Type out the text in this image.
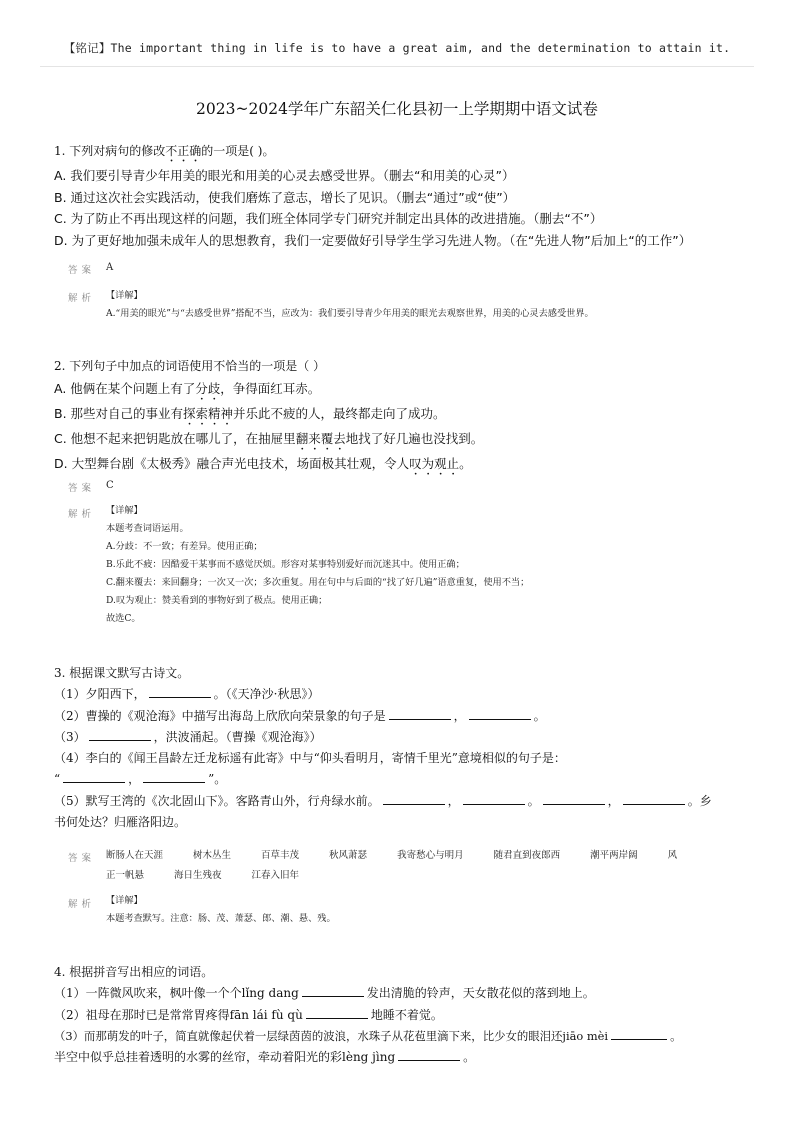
【铭记】The important thing in life is to have a great aim, and the determination to attain it.
2023~2024学年广东韶关仁化县初一上学期期中语文试卷
1. 下列对病句的修改不正确的一项是( )。
A. 我们要引导青少年用美的眼光和用美的心灵去感受世界。（删去“和用美的心灵”）
B. 通过这次社会实践活动，使我们磨炼了意志，增长了见识。（删去“通过”或“使”）
C. 为了防止不再出现这样的问题，我们班全体同学专门研究并制定出具体的改进措施。（删去“不”）
D. 为了更好地加强未成年人的思想教育，我们一定要做好引导学生学习先进人物。（在“先进人物”后加上“的工作”）
答案 A
解析 【详解】
A.“用美的眼光”与“去感受世界”搭配不当，应改为：我们要引导青少年用美的眼光去观察世界，用美的心灵去感受世界。
2. 下列句子中加点的词语使用不恰当的一项是（ ）
A. 他俩在某个问题上有了分歧，争得面红耳赤。
B. 那些对自己的事业有探索精神并乐此不疲的人，最终都走向了成功。
C. 他想不起来把钥匙放在哪儿了，在抽屉里翻来覆去地找了好几遍也没找到。
D. 大型舞台剧《太极秀》融合声光电技术，场面极其壮观，令人叹为观止。
答案 C
解析 【详解】
本题考查词语运用。
A.分歧：不一致；有差异。使用正确；
B.乐此不疲：因酷爱干某事而不感觉厌烦。形容对某事特别爱好而沉迷其中。使用正确；
C.翻来覆去：来回翻身；一次又一次；多次重复。用在句中与后面的“找了好几遍”语意重复，使用不当；
D.叹为观止：赞美看到的事物好到了极点。使用正确；
故选C。
3. 根据课文默写古诗文。
（1）夕阳西下，	。（《天净沙·秋思》）
（2）曹操的《观沧海》中描写出海岛上欣欣向荣景象的句子是	，	。
（3）	，洪波涌起。（曹操《观沧海》）
（4）李白的《闻王昌龄左迁龙标遥有此寄》中与“仰头看明月，寄情千里光”意境相似的句子是：
“	，	”。
（5）默写王湾的《次北固山下》。客路青山外，行舟绿水前。	，	。	，	。乡
书何处达？归雁洛阳边。
答案 断肠人在天涯	树木丛生	百草丰茂	秋风萧瑟	我寄愁心与明月	随君直到夜郎西	潮平两岸阔	风
正一帆悬	海日生残夜	江春入旧年
解析 【详解】
本题考查默写。注意：肠、茂、萧瑟、郎、潮、悬、残。
4. 根据拼音写出相应的词语。
（1）一阵微风吹来，枫叶像一个个lǐng dang	发出清脆的铃声，天女散花似的落到地上。
（2）祖母在那时已是常常胃疼得fān lái fù qù	地睡不着觉。
（3）而那萌发的叶子，简直就像起伏着一层绿茵茵的波浪，水珠子从花苞里滴下来，比少女的眼泪还jiāo mèi	。
半空中似乎总挂着透明的水雾的丝帘，牵动着阳光的彩lèng jìng	。
